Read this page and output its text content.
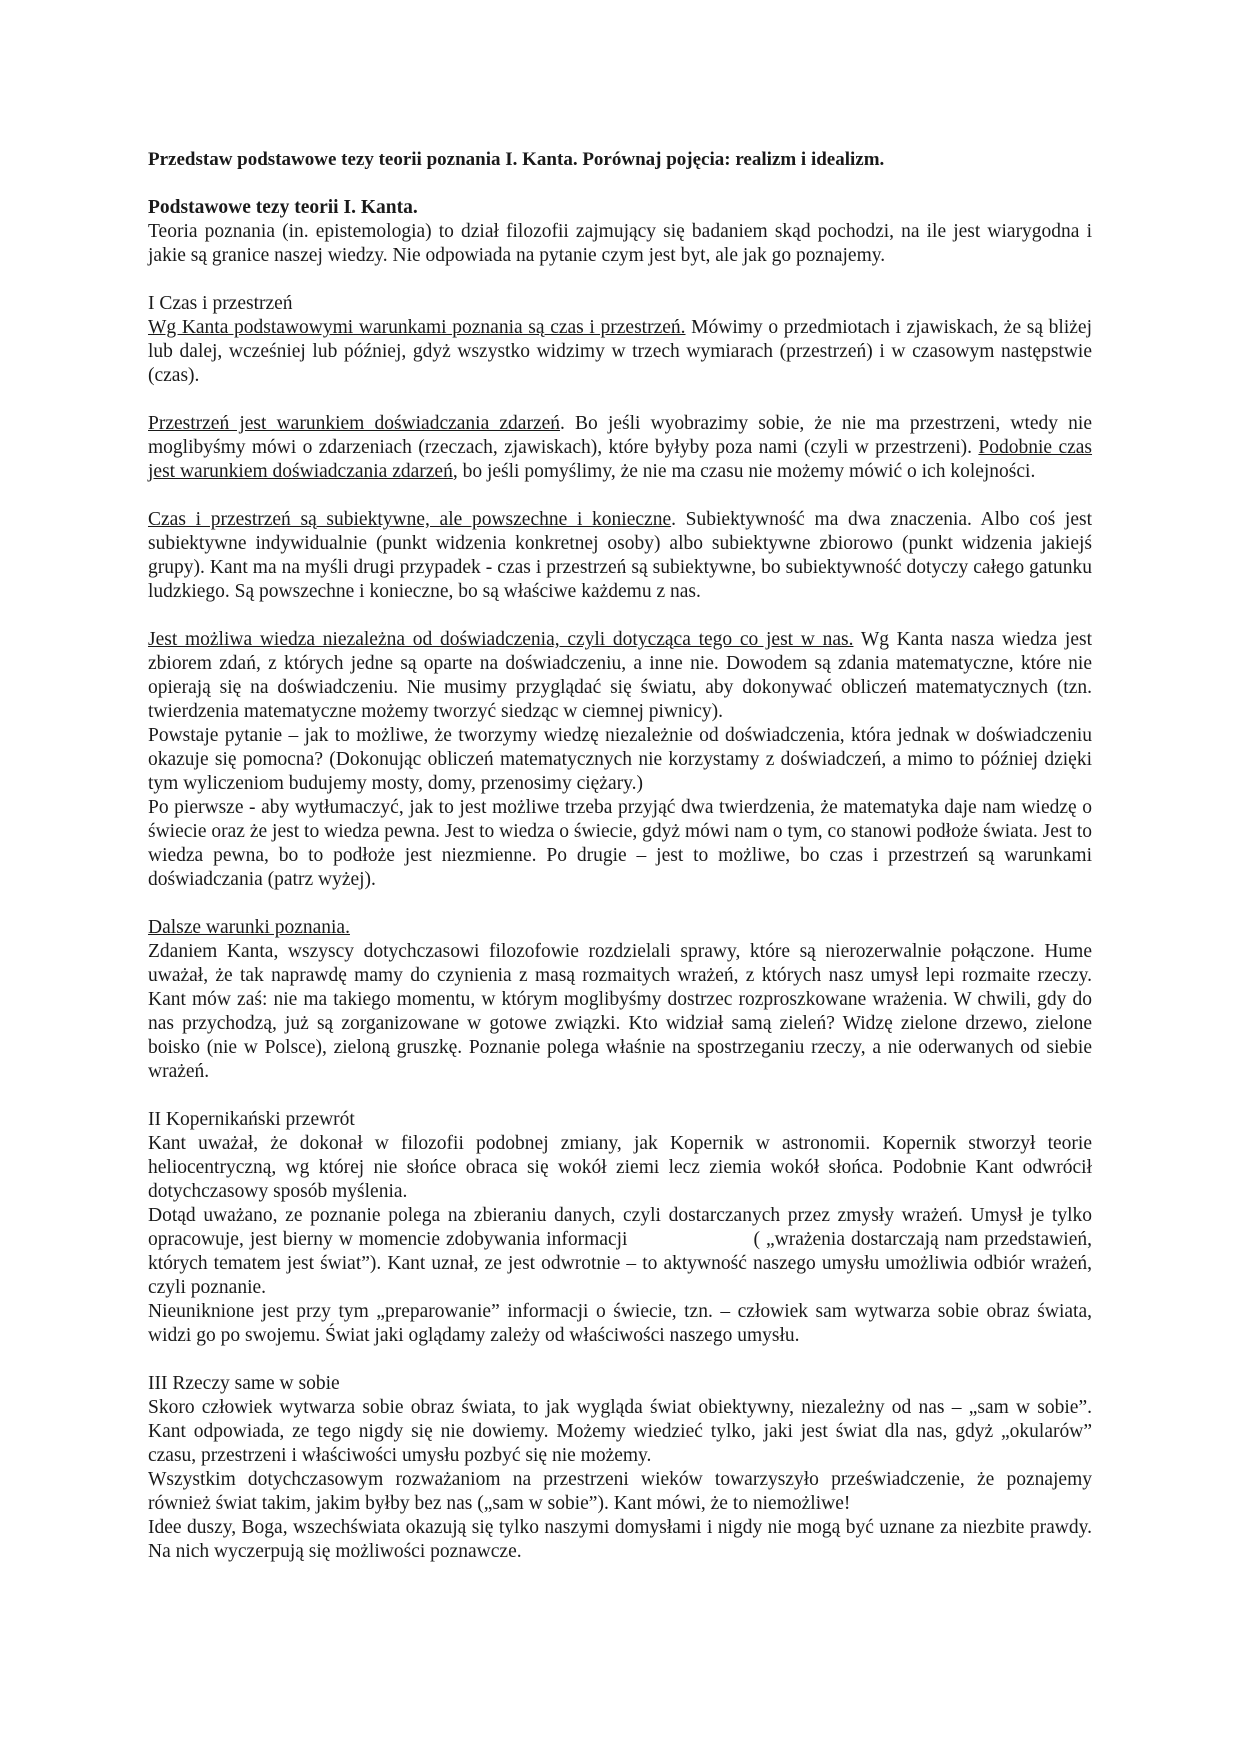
Przedstaw podstawowe tezy teorii poznania I. Kanta. Porównaj pojęcia: realizm i idealizm.

Podstawowe tezy teorii I. Kanta.

Teoria poznania (in. epistemologia) to dział filozofii zajmujący się badaniem skąd pochodzi, na ile jest wiarygodna i jakie są granice naszej wiedzy. Nie odpowiada na pytanie czym jest byt, ale jak go poznajemy.

I Czas i przestrzeń

Wg Kanta podstawowymi warunkami poznania są czas i przestrzeń. Mówimy o przedmiotach i zjawiskach, że są bliżej lub dalej, wcześniej lub później, gdyż wszystko widzimy w trzech wymiarach (przestrzeń) i w czasowym następstwie (czas).

Przestrzeń jest warunkiem doświadczania zdarzeń. Bo jeśli wyobrazimy sobie, że nie ma przestrzeni, wtedy nie moglibyśmy mówi o zdarzeniach (rzeczach, zjawiskach), które byłyby poza nami (czyli w przestrzeni). Podobnie czas jest warunkiem doświadczania zdarzeń, bo jeśli pomyślimy, że nie ma czasu nie możemy mówić o ich kolejności.

Czas i przestrzeń są subiektywne, ale powszechne i konieczne. Subiektywność ma dwa znaczenia. Albo coś jest subiektywne indywidualnie (punkt widzenia konkretnej osoby) albo subiektywne zbiorowo (punkt widzenia jakiejś grupy). Kant ma na myśli drugi przypadek - czas i przestrzeń są subiektywne, bo subiektywność dotyczy całego gatunku ludzkiego. Są powszechne i konieczne, bo są właściwe każdemu z nas.

Jest możliwa wiedza niezależna od doświadczenia, czyli dotycząca tego co jest w nas. Wg Kanta nasza wiedza jest zbiorem zdań, z których jedne są oparte na doświadczeniu, a inne nie. Dowodem są zdania matematyczne, które nie opierają się na doświadczeniu. Nie musimy przyglądać się światu, aby dokonywać obliczeń matematycznych (tzn. twierdzenia matematyczne możemy tworzyć siedząc w ciemnej piwnicy).

Powstaje pytanie – jak to możliwe, że tworzymy wiedzę niezależnie od doświadczenia, która jednak w doświadczeniu okazuje się pomocna? (Dokonując obliczeń matematycznych nie korzystamy z doświadczeń, a mimo to później dzięki tym wyliczeniom budujemy mosty, domy, przenosimy ciężary.)

Po pierwsze - aby wytłumaczyć, jak to jest możliwe trzeba przyjąć dwa twierdzenia, że matematyka daje nam wiedzę o świecie oraz że jest to wiedza pewna. Jest to wiedza o świecie, gdyż mówi nam o tym, co stanowi podłoże świata. Jest to wiedza pewna, bo to podłoże jest niezmienne. Po drugie – jest to możliwe, bo czas i przestrzeń są warunkami doświadczania (patrz wyżej).

Dalsze warunki poznania.

Zdaniem Kanta, wszyscy dotychczasowi filozofowie rozdzielali sprawy, które są nierozerwalnie połączone. Hume uważał, że tak naprawdę mamy do czynienia z masą rozmaitych wrażeń, z których nasz umysł lepi rozmaite rzeczy. Kant mów zaś: nie ma takiego momentu, w którym moglibyśmy dostrzec rozproszkowane wrażenia. W chwili, gdy do nas przychodzą, już są zorganizowane w gotowe związki. Kto widział samą zieleń? Widzę zielone drzewo, zielone boisko (nie w Polsce), zieloną gruszkę. Poznanie polega właśnie na spostrzeganiu rzeczy, a nie oderwanych od siebie wrażeń.

II Kopernikański przewrót

Kant uważał, że dokonał w filozofii podobnej zmiany, jak Kopernik w astronomii. Kopernik stworzył teorie heliocentryczną, wg której nie słońce obraca się wokół ziemi lecz ziemia wokół słońca. Podobnie Kant odwrócił dotychczasowy sposób myślenia.

Dotąd uważano, ze poznanie polega na zbieraniu danych, czyli dostarczanych przez zmysły wrażeń. Umysł je tylko opracowuje, jest bierny w momencie zdobywania informacji                     ( „wrażenia dostarczają nam przedstawień, których tematem jest świat”). Kant uznał, ze jest odwrotnie – to aktywność naszego umysłu umożliwia odbiór wrażeń, czyli poznanie.

Nieuniknione jest przy tym „preparowanie” informacji o świecie, tzn. – człowiek sam wytwarza sobie obraz świata, widzi go po swojemu. Świat jaki oglądamy zależy od właściwości naszego umysłu.

III Rzeczy same w sobie

Skoro człowiek wytwarza sobie obraz świata, to jak wygląda świat obiektywny, niezależny od nas – „sam w sobie”. Kant odpowiada, ze tego nigdy się nie dowiemy. Możemy wiedzieć tylko, jaki jest świat dla nas, gdyż „okularów” czasu, przestrzeni i właściwości umysłu pozbyć się nie możemy.

Wszystkim dotychczasowym rozważaniom na przestrzeni wieków towarzyszyło przeświadczenie, że poznajemy również świat takim, jakim byłby bez nas („sam w sobie”). Kant mówi, że to niemożliwe!

Idee duszy, Boga, wszechświata okazują się tylko naszymi domysłami i nigdy nie mogą być uznane za niezbite prawdy. Na nich wyczerpują się możliwości poznawcze.
